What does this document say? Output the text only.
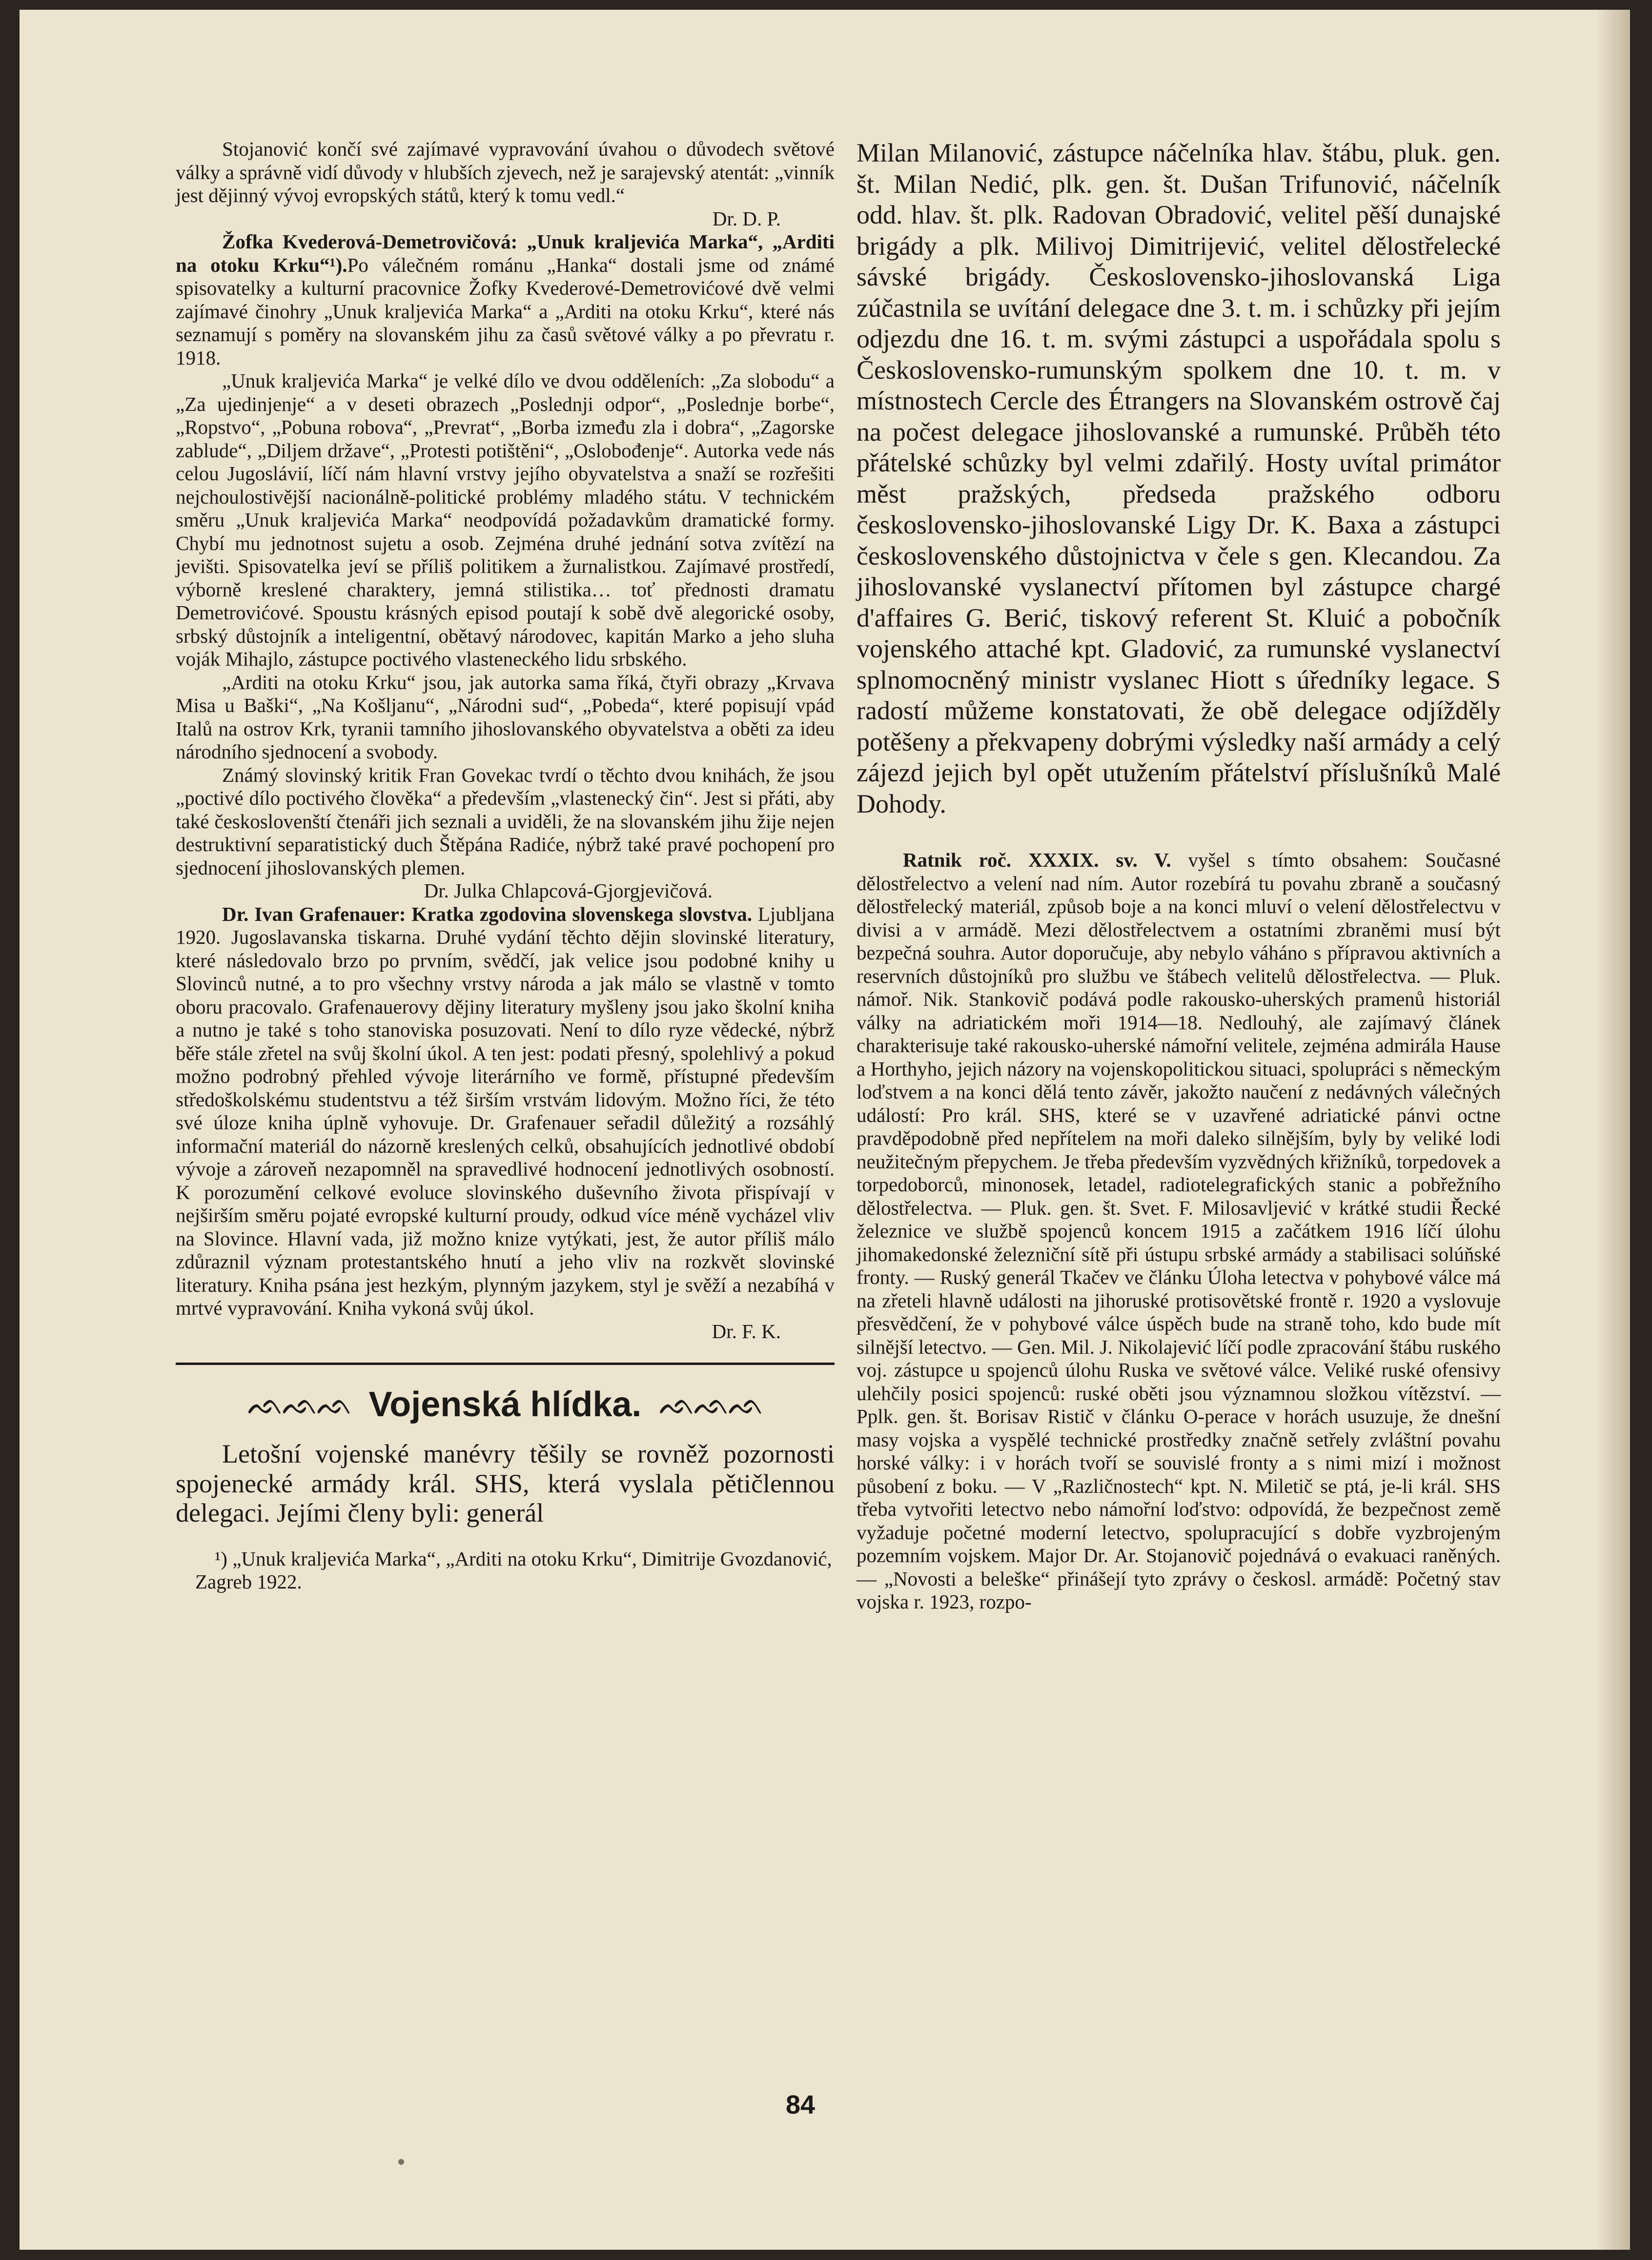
Stojanović končí své zajímavé vypravování úvahou o důvodech světové války a správně vidí důvody v hlubších zjevech, než je sarajevský atentát: „vinník jest dějinný vývoj evropských států, který k tomu vedl.“

Dr. D. P.

Žofka Kvederová-Demetrovičová: „Unuk kraljevića Marka“, „Arditi na otoku Krku“¹).Po válečném románu „Hanka“ dostali jsme od známé spisovatelky a kulturní pracovnice Žofky Kvederové-Demetrovićové dvě velmi zajímavé činohry „Unuk kraljevića Marka“ a „Arditi na otoku Krku“, které nás seznamují s poměry na slovanském jihu za časů světové války a po převratu r. 1918.

„Unuk kraljevića Marka“ je velké dílo ve dvou odděleních: „Za slobodu“ a „Za ujedinjenje“ a v deseti obrazech „Poslednji odpor“, „Poslednje borbe“, „Ropstvo“, „Pobuna robova“, „Prevrat“, „Borba između zla i dobra“, „Zagorske zablude“, „Diljem države“, „Protesti potištěni“, „Oslobođenje“. Autorka vede nás celou Jugoslávií, líčí nám hlavní vrstvy jejího obyvatelstva a snaží se rozřešiti nejchoulostivější nacionálně-politické problémy mladého státu. V technickém směru „Unuk kraljevića Marka“ neodpovídá požadavkům dramatické formy. Chybí mu jednotnost sujetu a osob. Zejména druhé jednání sotva zvítězí na jevišti. Spisovatelka jeví se příliš politikem a žurnalistkou. Zajímavé prostředí, výborně kreslené charaktery, jemná stilistika… toť přednosti dramatu Demetrovićové. Spoustu krásných episod poutají k sobě dvě alegorické osoby, srbský důstojník a inteligentní, obětavý národovec, kapitán Marko a jeho sluha voják Mihajlo, zástupce poctivého vlasteneckého lidu srbského.

„Arditi na otoku Krku“ jsou, jak autorka sama říká, čtyři obrazy „Krvava Misa u Baški“, „Na Košljanu“, „Národni sud“, „Pobeda“, které popisují vpád Italů na ostrov Krk, tyranii tamního jihoslovanského obyvatelstva a oběti za ideu národního sjednocení a svobody.

Známý slovinský kritik Fran Govekac tvrdí o těchto dvou knihách, že jsou „poctivé dílo poctivého člověka“ a především „vlastenecký čin“. Jest si přáti, aby také českoslovenští čtenáři jich seznali a uviděli, že na slovanském jihu žije nejen destruktivní separatistický duch Štěpána Radiće, nýbrž také pravé pochopení pro sjednocení jihoslovanských plemen.

Dr. Julka Chlapcová-Gjorgjevičová.

Dr. Ivan Grafenauer: Kratka zgodovina slovenskega slovstva. Ljubljana 1920. Jugoslavanska tiskarna. Druhé vydání těchto dějin slovinské literatury, které následovalo brzo po prvním, svědčí, jak velice jsou podobné knihy u Slovinců nutné, a to pro všechny vrstvy národa a jak málo se vlastně v tomto oboru pracovalo. Grafenauerovy dějiny literatury myšleny jsou jako školní kniha a nutno je také s toho stanoviska posuzovati. Není to dílo ryze vědecké, nýbrž běře stále zřetel na svůj školní úkol. A ten jest: podati přesný, spolehlivý a pokud možno podrobný přehled vývoje literárního ve formě, přístupné především středoškolskému studentstvu a též širším vrstvám lidovým. Možno říci, že této své úloze kniha úplně vyhovuje. Dr. Grafenauer seřadil důležitý a rozsáhlý informační materiál do názorně kreslených celků, obsahujících jednotlivé období vývoje a zároveň nezapomněl na spravedlivé hodnocení jednotlivých osobností. K porozumění celkové evoluce slovinského duševního života přispívají v nejširším směru pojaté evropské kulturní proudy, odkud více méně vycházel vliv na Slovince. Hlavní vada, již možno knize vytýkati, jest, že autor příliš málo zdůraznil význam protestantského hnutí a jeho vliv na rozkvět slovinské literatury. Kniha psána jest hezkým, plynným jazykem, styl je svěží a nezabíhá v mrtvé vypravování. Kniha vykoná svůj úkol.

Dr. F. K.
ᨒᨒᨒ Vojenská hlídka. ᨒᨒᨒ

Letošní vojenské manévry těšily se rovněž pozornosti spojenecké armády král. SHS, která vyslala pětičlennou delegaci. Jejími členy byli: generál

¹) „Unuk kraljevića Marka“, „Arditi na otoku Krku“, Dimitrije Gvozdanović, Zagreb 1922.

Milan Milanović, zástupce náčelníka hlav. štábu, pluk. gen. št. Milan Nedić, plk. gen. št. Dušan Trifunović, náčelník odd. hlav. št. plk. Radovan Obradović, velitel pěší dunajské brigády a plk. Milivoj Dimitrijević, velitel dělostřelecké sávské brigády. Československo-jihoslovanská Liga zúčastnila se uvítání delegace dne 3. t. m. i schůzky při jejím odjezdu dne 16. t. m. svými zástupci a uspořádala spolu s Československo-rumunským spolkem dne 10. t. m. v místnostech Cercle des Étrangers na Slovanském ostrově čaj na počest delegace jihoslovanské a rumunské. Průběh této přátelské schůzky byl velmi zdařilý. Hosty uvítal primátor měst pražských, předseda pražského odboru československo-jihoslovanské Ligy Dr. K. Baxa a zástupci československého důstojnictva v čele s gen. Klecandou. Za jihoslovanské vyslanectví přítomen byl zástupce chargé d'affaires G. Berić, tiskový referent St. Kluić a pobočník vojenského attaché kpt. Gladović, za rumunské vyslanectví splnomocněný ministr vyslanec Hiott s úředníky legace. S radostí můžeme konstatovati, že obě delegace odjížděly potěšeny a překvapeny dobrými výsledky naší armády a celý zájezd jejich byl opět utužením přátelství příslušníků Malé Dohody.

Ratnik roč. XXXIX. sv. V. vyšel s tímto obsahem: Současné dělostřelectvo a velení nad ním. Autor rozebírá tu povahu zbraně a současný dělostřelecký materiál, způsob boje a na konci mluví o velení dělostřelectvu v divisi a v armádě. Mezi dělostřelectvem a ostatními zbraněmi musí být bezpečná souhra. Autor doporučuje, aby nebylo váháno s přípravou aktivních a reservních důstojníků pro službu ve štábech velitelů dělostřelectva. — Pluk. námoř. Nik. Stankovič podává podle rakousko-uherských pramenů historiál války na adriatickém moři 1914—18. Nedlouhý, ale zajímavý článek charakterisuje také rakousko-uherské námořní velitele, zejména admirála Hause a Horthyho, jejich názory na vojenskopolitickou situaci, spolupráci s německým loďstvem a na konci dělá tento závěr, jakožto naučení z nedávných válečných událostí: Pro král. SHS, které se v uzavřené adriatické pánvi octne pravděpodobně před nepřítelem na moři daleko silnějším, byly by veliké lodi neužitečným přepychem. Je třeba především vyzvědných křižníků, torpedovek a torpedoborců, minonosek, letadel, radiotelegrafických stanic a pobřežního dělostřelectva. — Pluk. gen. št. Svet. F. Milosavljević v krátké studii Řecké železnice ve službě spojenců koncem 1915 a začátkem 1916 líčí úlohu jihomakedonské železniční sítě při ústupu srbské armády a stabilisaci solúňské fronty. — Ruský generál Tkačev ve článku Úloha letectva v pohybové válce má na zřeteli hlavně události na jihoruské protisovětské frontě r. 1920 a vyslovuje přesvědčení, že v pohybové válce úspěch bude na straně toho, kdo bude mít silnější letectvo. — Gen. Mil. J. Nikolajević líčí podle zpracování štábu ruského voj. zástupce u spojenců úlohu Ruska ve světové válce. Veliké ruské ofensivy ulehčily posici spojenců: ruské oběti jsou významnou složkou vítězství. — Pplk. gen. št. Borisav Ristič v článku O-perace v horách usuzuje, že dnešní masy vojska a vyspělé technické prostředky značně setřely zvláštní povahu horské války: i v horách tvoří se souvislé fronty a s nimi mizí i možnost působení z boku. — V „Različnostech“ kpt. N. Miletič se ptá, je-li král. SHS třeba vytvořiti letectvo nebo námořní loďstvo: odpovídá, že bezpečnost země vyžaduje početné moderní letectvo, spolupracující s dobře vyzbrojeným pozemním vojskem. Major Dr. Ar. Stojanovič pojednává o evakuaci raněných. — „Novosti a beleške“ přinášejí tyto zprávy o českosl. armádě: Početný stav vojska r. 1923, rozpo-

84
